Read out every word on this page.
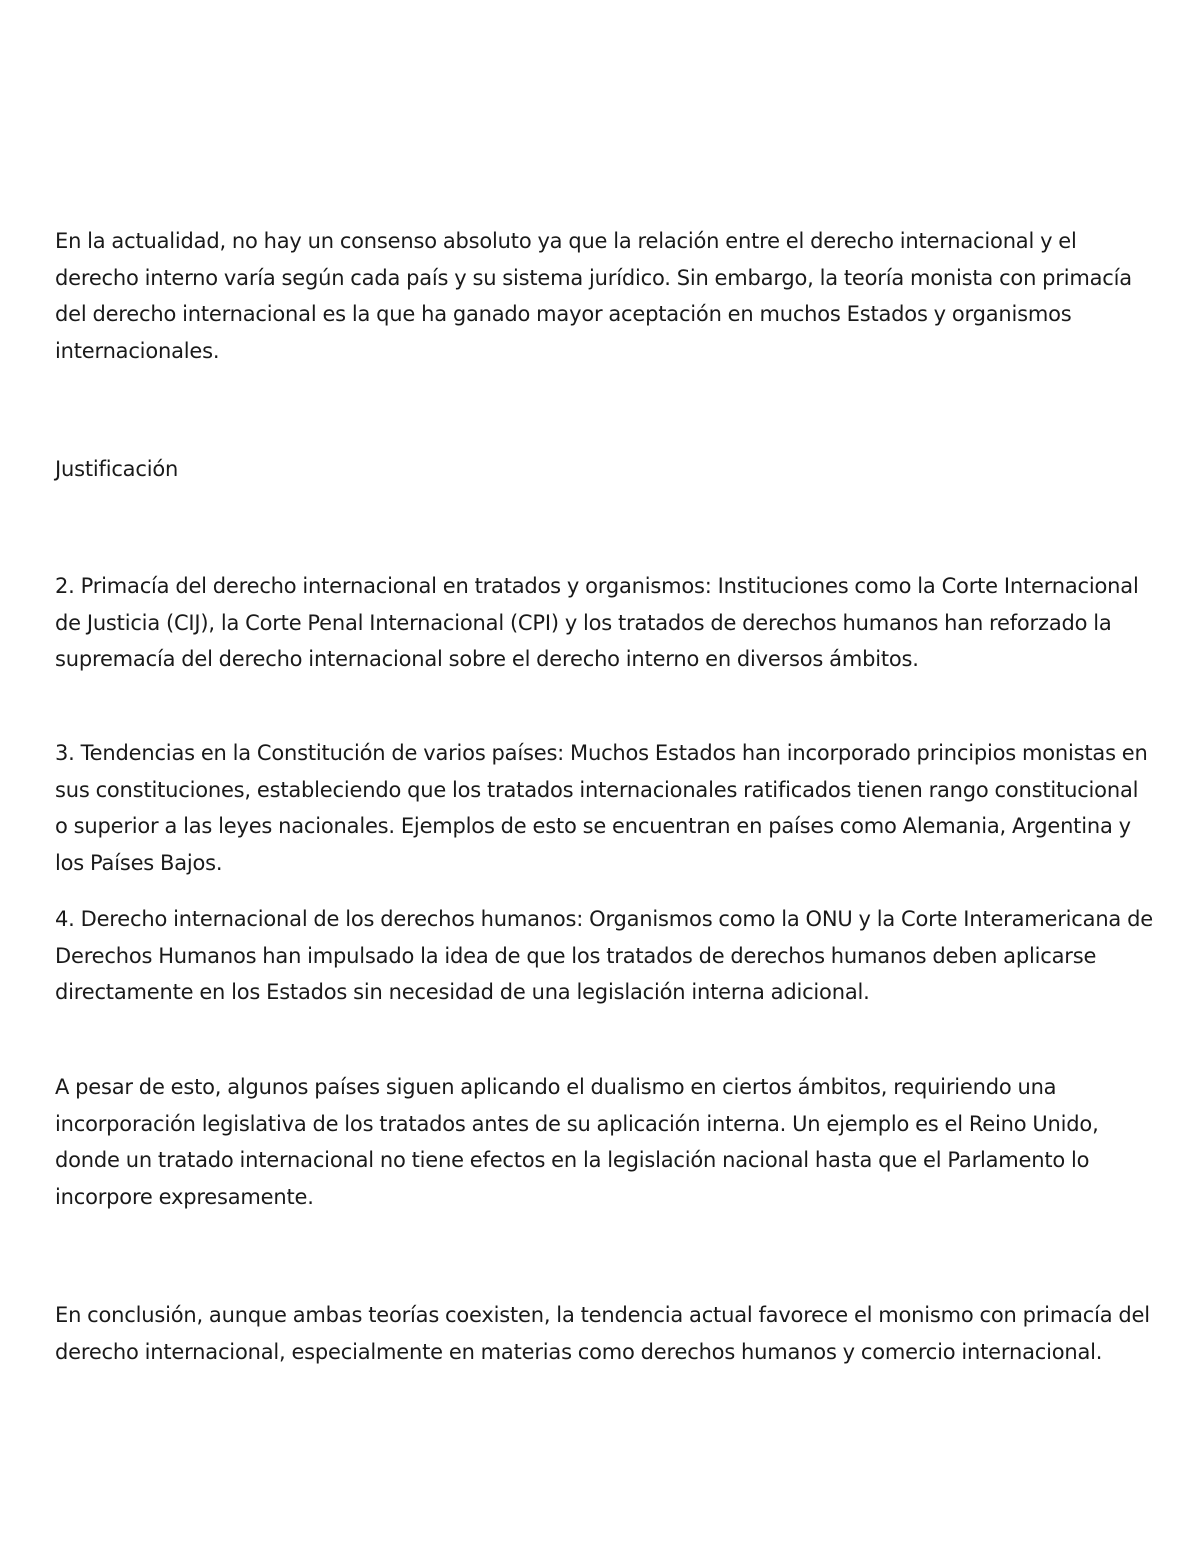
En la actualidad, no hay un consenso absoluto ya que la relación entre el derecho internacional y el derecho interno varía según cada país y su sistema jurídico. Sin embargo, la teoría monista con primacía del derecho internacional es la que ha ganado mayor aceptación en muchos Estados y organismos internacionales.

Justificación

2. Primacía del derecho internacional en tratados y organismos: Instituciones como la Corte Internacional de Justicia (CIJ), la Corte Penal Internacional (CPI) y los tratados de derechos humanos han reforzado la supremacía del derecho internacional sobre el derecho interno en diversos ámbitos.

3. Tendencias en la Constitución de varios países: Muchos Estados han incorporado principios monistas en sus constituciones, estableciendo que los tratados internacionales ratificados tienen rango constitucional o superior a las leyes nacionales. Ejemplos de esto se encuentran en países como Alemania, Argentina y los Países Bajos.

4. Derecho internacional de los derechos humanos: Organismos como la ONU y la Corte Interamericana de Derechos Humanos han impulsado la idea de que los tratados de derechos humanos deben aplicarse directamente en los Estados sin necesidad de una legislación interna adicional.

A pesar de esto, algunos países siguen aplicando el dualismo en ciertos ámbitos, requiriendo una incorporación legislativa de los tratados antes de su aplicación interna. Un ejemplo es el Reino Unido, donde un tratado internacional no tiene efectos en la legislación nacional hasta que el Parlamento lo incorpore expresamente.

En conclusión, aunque ambas teorías coexisten, la tendencia actual favorece el monismo con primacía del derecho internacional, especialmente en materias como derechos humanos y comercio internacional.
